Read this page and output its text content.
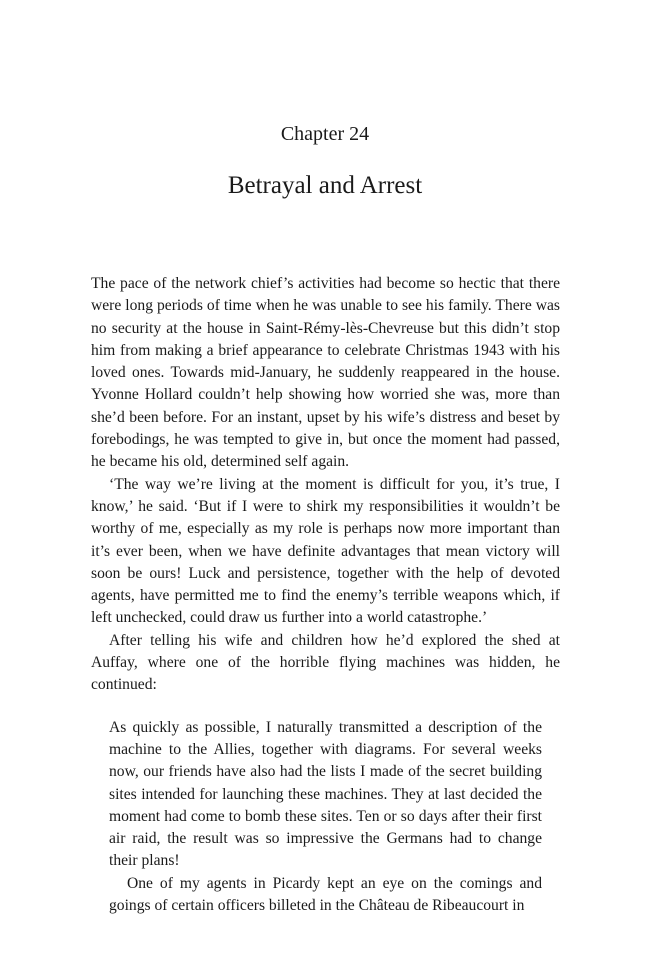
Chapter 24
Betrayal and Arrest

The pace of the network chief’s activities had become so hectic that there were long periods of time when he was unable to see his family. There was no security at the house in Saint-Rémy-lès-Chevreuse but this didn’t stop him from making a brief appearance to celebrate Christmas 1943 with his loved ones. Towards mid-January, he suddenly reappeared in the house. Yvonne Hollard couldn’t help showing how worried she was, more than she’d been before. For an instant, upset by his wife’s distress and beset by forebodings, he was tempted to give in, but once the moment had passed, he became his old, determined self again.

‘The way we’re living at the moment is difficult for you, it’s true, I know,’ he said. ‘But if I were to shirk my responsibilities it wouldn’t be worthy of me, especially as my role is perhaps now more important than it’s ever been, when we have definite advantages that mean victory will soon be ours! Luck and persistence, together with the help of devoted agents, have permitted me to find the enemy’s terrible weapons which, if left unchecked, could draw us further into a world catastrophe.’

After telling his wife and children how he’d explored the shed at Auffay, where one of the horrible flying machines was hidden, he continued:

As quickly as possible, I naturally transmitted a description of the machine to the Allies, together with diagrams. For several weeks now, our friends have also had the lists I made of the secret building sites intended for launching these machines. They at last decided the moment had come to bomb these sites. Ten or so days after their first air raid, the result was so impressive the Germans had to change their plans!

One of my agents in Picardy kept an eye on the comings and goings of certain officers billeted in the Château de Ribeaucourt in
